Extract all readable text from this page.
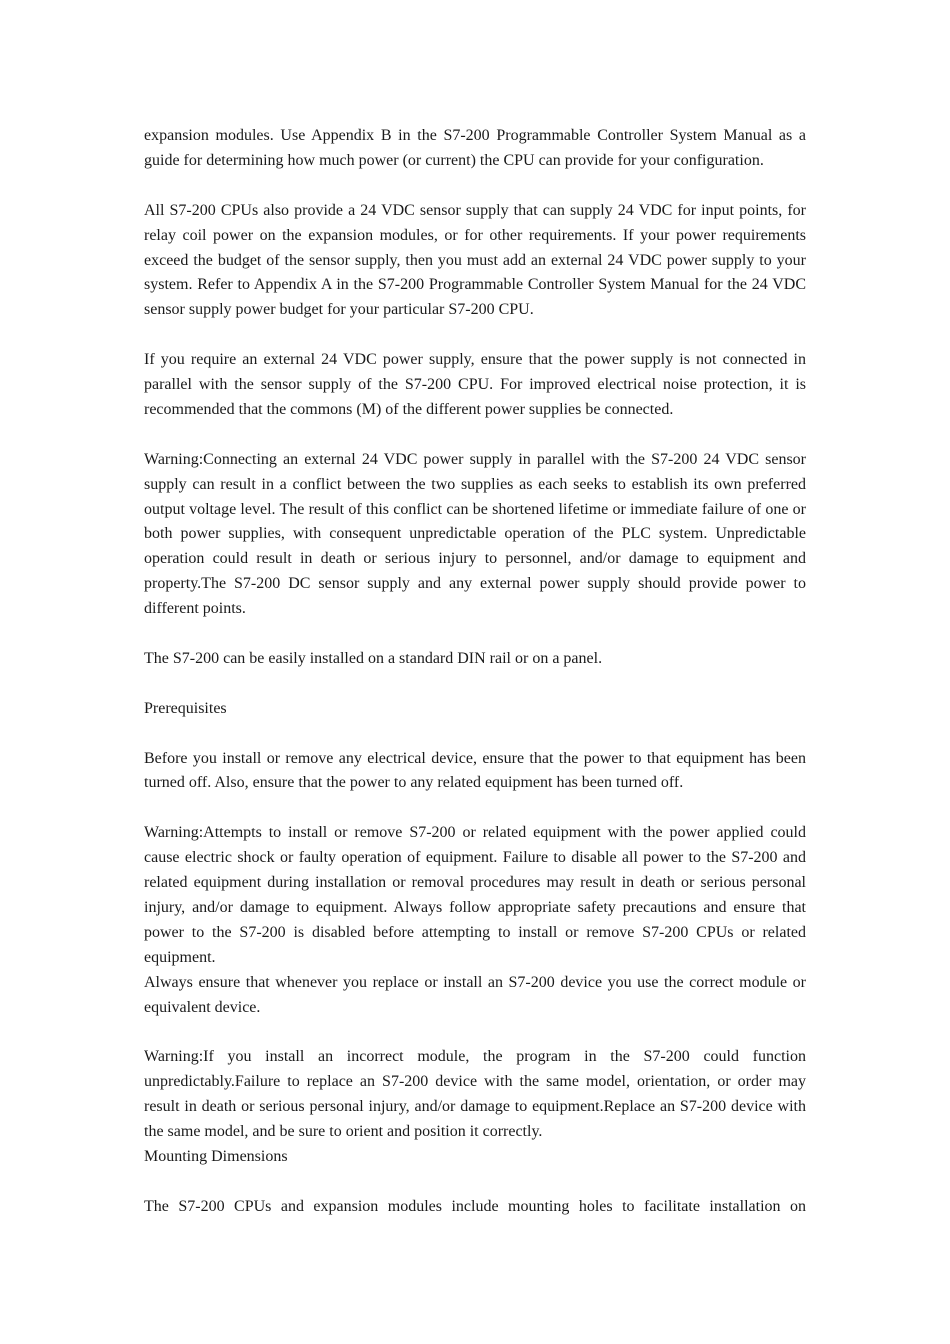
expansion modules. Use Appendix B in the S7-200 Programmable Controller System Manual as a guide for determining how much power (or current) the CPU can provide for your configuration.

All S7-200 CPUs also provide a 24 VDC sensor supply that can supply 24 VDC for input points, for relay coil power on the expansion modules, or for other requirements. If your power requirements exceed the budget of the sensor supply, then you must add an external 24 VDC power supply to your system. Refer to Appendix A in the S7-200 Programmable Controller System Manual for the 24 VDC sensor supply power budget for your particular S7-200 CPU.

If you require an external 24 VDC power supply, ensure that the power supply is not connected in parallel with the sensor supply of the S7-200 CPU. For improved electrical noise protection, it is recommended that the commons (M) of the different power supplies be connected.

Warning:Connecting an external 24 VDC power supply in parallel with the S7-200 24 VDC sensor supply can result in a conflict between the two supplies as each seeks to establish its own preferred output voltage level. The result of this conflict can be shortened lifetime or immediate failure of one or both power supplies, with consequent unpredictable operation of the PLC system. Unpredictable operation could result in death or serious injury to personnel, and/or damage to equipment and property.The S7-200 DC sensor supply and any external power supply should provide power to different points.

The S7-200 can be easily installed on a standard DIN rail or on a panel.

Prerequisites

Before you install or remove any electrical device, ensure that the power to that equipment has been turned off. Also, ensure that the power to any related equipment has been turned off.

Warning:Attempts to install or remove S7-200 or related equipment with the power applied could cause electric shock or faulty operation of equipment. Failure to disable all power to the S7-200 and related equipment during installation or removal procedures may result in death or serious personal injury, and/or damage to equipment. Always follow appropriate safety precautions and ensure that power to the S7-200 is disabled before attempting to install or remove S7-200 CPUs or related equipment.

Always ensure that whenever you replace or install an S7-200 device you use the correct module or equivalent device.

Warning:If you install an incorrect module, the program in the S7-200 could function unpredictably.Failure to replace an S7-200 device with the same model, orientation, or order may result in death or serious personal injury, and/or damage to equipment.Replace an S7-200 device with the same model, and be sure to orient and position it correctly.

Mounting Dimensions

The S7-200 CPUs and expansion modules include mounting holes to facilitate installation on
